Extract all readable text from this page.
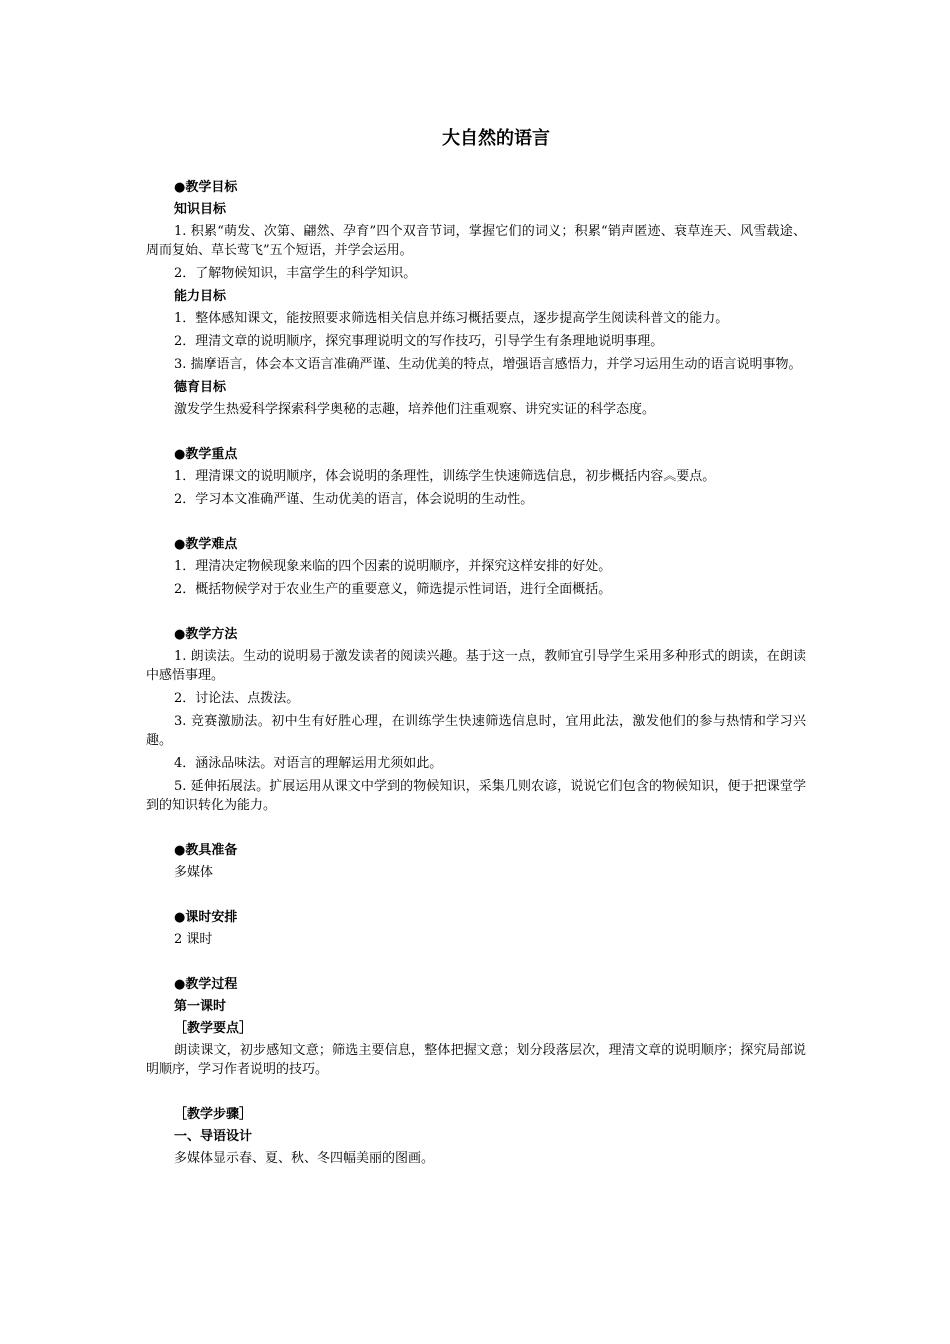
大自然的语言
●教学目标
知识目标

1. 积累“萌发、次第、翩然、孕育”四个双音节词，掌握它们的词义；积累“销声匿迹、衰草连天、风雪载途、周而复始、草长莺飞”五个短语，并学会运用。

2．了解物候知识，丰富学生的科学知识。

能力目标

1．整体感知课文，能按照要求筛选相关信息并练习概括要点，逐步提高学生阅读科普文的能力。

2．理清文章的说明顺序，探究事理说明文的写作技巧，引导学生有条理地说明事理。

3. 揣摩语言，体会本文语言准确严谨、生动优美的特点，增强语言感悟力，并学习运用生动的语言说明事物。

德育目标

激发学生热爱科学探索科学奥秘的志趣，培养他们注重观察、讲究实证的科学态度。

●教学重点

1．理清课文的说明顺序，体会说明的条理性，训练学生快速筛选信息，初步概括内容︽要点。

2．学习本文准确严谨、生动优美的语言，体会说明的生动性。

●教学难点

1．理清决定物候现象来临的四个因素的说明顺序，并探究这样安排的好处。

2．概括物候学对于农业生产的重要意义，筛选提示性词语，进行全面概括。

●教学方法

1. 朗读法。生动的说明易于激发读者的阅读兴趣。基于这一点，教师宜引导学生采用多种形式的朗读，在朗读中感悟事理。

2．讨论法、点拨法。

3. 竞赛激励法。初中生有好胜心理，在训练学生快速筛选信息时，宜用此法，激发他们的参与热情和学习兴趣。

4．涵泳品味法。对语言的理解运用尤须如此。

5. 延伸拓展法。扩展运用从课文中学到的物候知识，采集几则农谚，说说它们包含的物候知识，便于把课堂学到的知识转化为能力。

●教具准备

多媒体

●课时安排

2 课时

●教学过程
第一课时
［教学要点］

朗读课文，初步感知文意；筛选主要信息，整体把握文意；划分段落层次，理清文章的说明顺序；探究局部说明顺序，学习作者说明的技巧。

［教学步骤］
一、导语设计

多媒体显示春、夏、秋、冬四幅美丽的图画。
